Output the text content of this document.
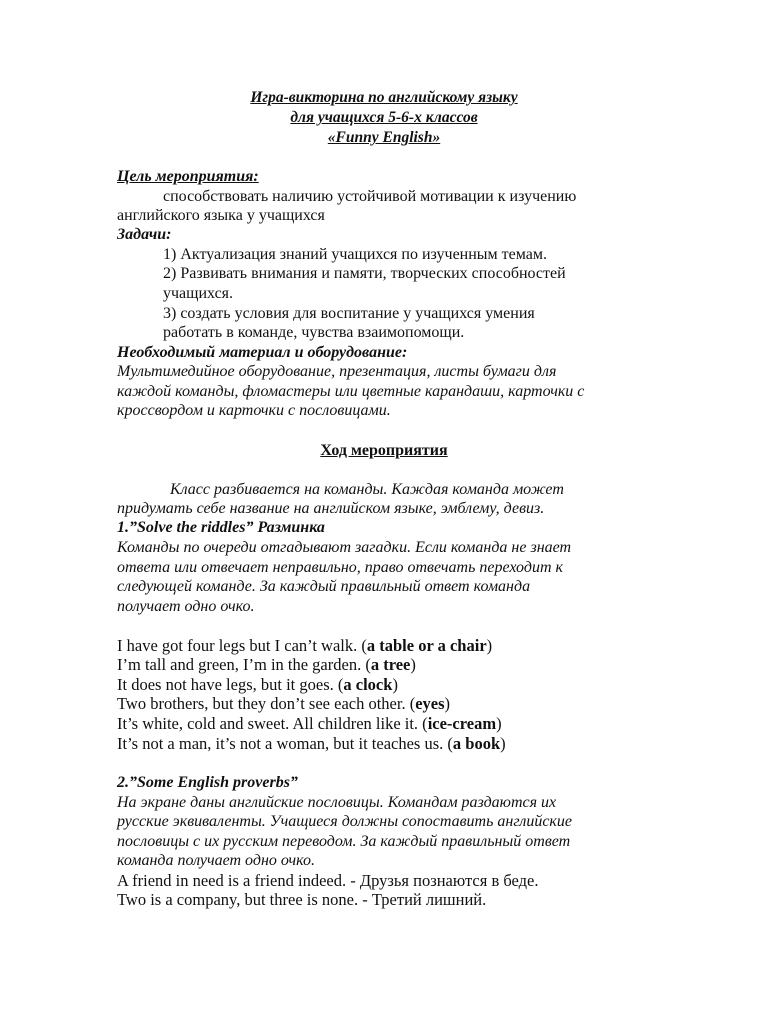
Игра-викторина по английскому языку
для учащихся 5-6-х классов
«Funny English»
Цель мероприятия:
способствовать наличию устойчивой мотивации к изучению
английского языка у учащихся
Задачи:
1) Актуализация знаний учащихся по изученным темам.
2) Развивать внимания и памяти, творческих способностей
учащихся.
3) создать условия для воспитание у учащихся умения
работать в команде, чувства взаимопомощи.
Необходимый материал и оборудование:
Мультимедийное оборудование, презентация, листы бумаги для
каждой команды, фломастеры или цветные карандаши, карточки с
кроссвордом и карточки с пословицами.
Ход мероприятия
Класс разбивается на команды. Каждая команда может
придумать себе название на английском языке, эмблему, девиз.
1.”Solve the riddles” Разминка
Команды по очереди отгадывают загадки. Если команда не знает
ответа или отвечает неправильно, право отвечать переходит к
следующей команде. За каждый правильный ответ команда
получает одно очко.
I have got four legs but I can’t walk. (a table or a chair)
I’m tall and green, I’m in the garden. (a tree)
It does not have legs, but it goes. (a clock)
Two brothers, but they don’t see each other. (eyes)
It’s white, cold and sweet. All children like it. (ice-cream)
It’s not a man, it’s not a woman, but it teaches us. (a book)
2.”Some English proverbs”
На экране даны английские пословицы. Командам раздаются их
русские эквиваленты. Учащиеся должны сопоставить английские
пословицы с их русским переводом. За каждый правильный ответ
команда получает одно очко.
A friend in need is a friend indeed. - Друзья познаются в беде.
Two is a company, but three is none. - Третий лишний.
